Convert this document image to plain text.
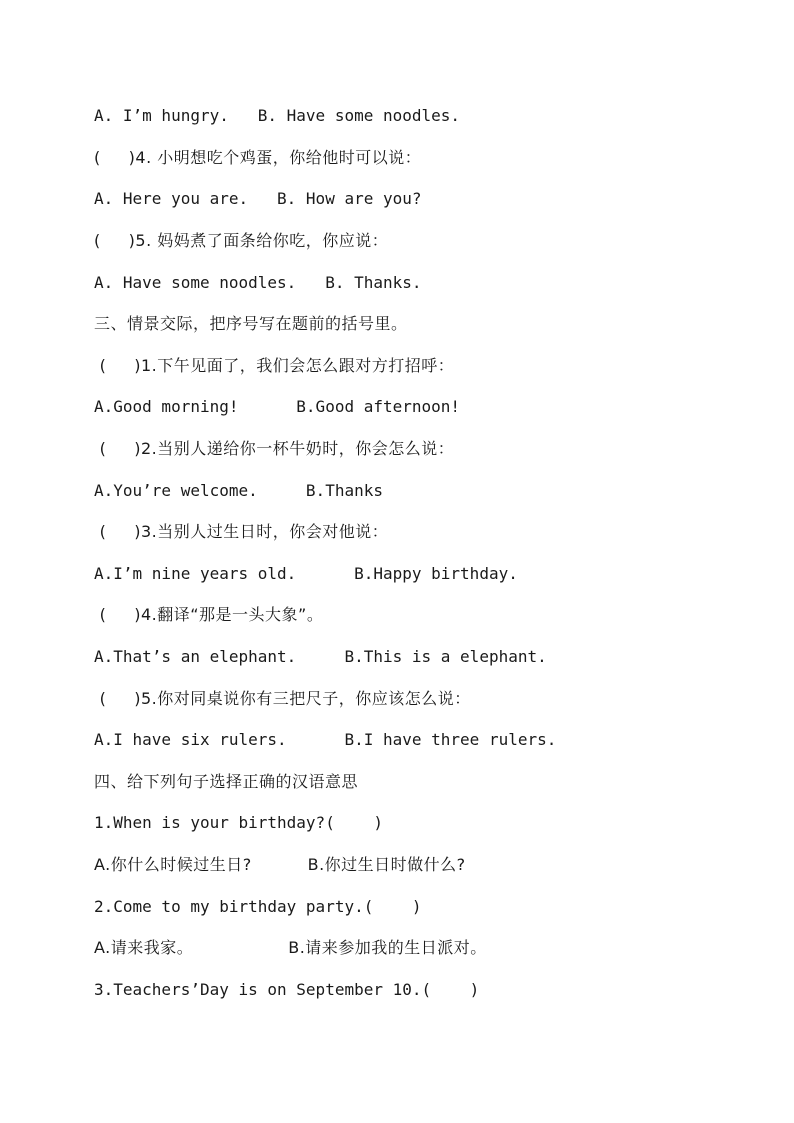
A. I’m hungry.   B. Have some noodles.
(     )4. 小明想吃个鸡蛋，你给他时可以说：
A. Here you are.   B. How are you?
(     )5. 妈妈煮了面条给你吃，你应说：
A. Have some noodles.   B. Thanks.
三、情景交际，把序号写在题前的括号里。
(     )1.下午见面了，我们会怎么跟对方打招呼：
A.Good morning!      B.Good afternoon!
(     )2.当别人递给你一杯牛奶时，你会怎么说：
A.You’re welcome.     B.Thanks
(     )3.当别人过生日时，你会对他说：
A.I’m nine years old.      B.Happy birthday.
(     )4.翻译“那是一头大象”。
A.That’s an elephant.     B.This is a elephant.
(     )5.你对同桌说你有三把尺子，你应该怎么说：
A.I have six rulers.      B.I have three rulers.
四、给下列句子选择正确的汉语意思
1.When is your birthday?(    )
A.你什么时候过生日?          B.你过生日时做什么?
2.Come to my birthday party.(    )
A.请来我家。                 B.请来参加我的生日派对。
3.Teachers’Day is on September 10.(    )
